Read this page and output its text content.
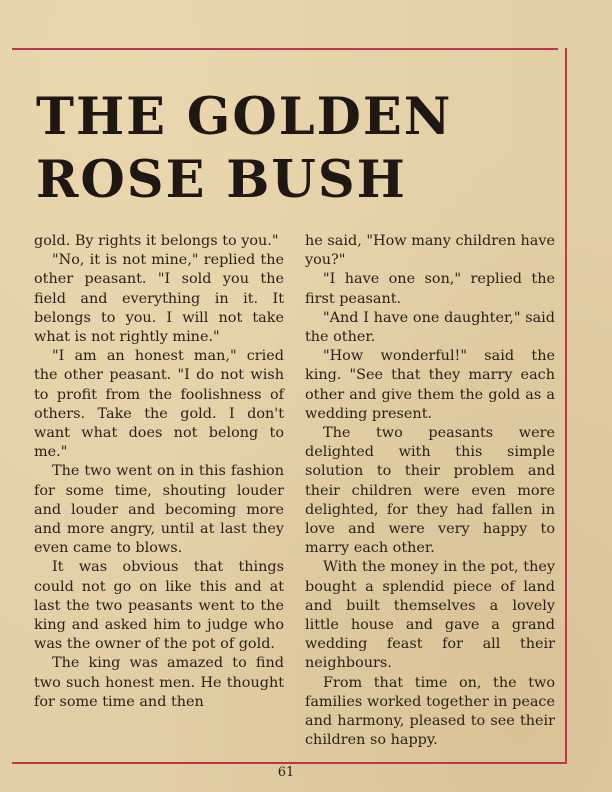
THE GOLDEN
ROSE BUSH

gold. By rights it belongs to you."

"No, it is not mine," replied the other peasant. "I sold you the field and everything in it. It belongs to you. I will not take what is not rightly mine."

"I am an honest man," cried the other peasant. "I do not wish to profit from the foolishness of others. Take the gold. I don't want what does not belong to me."

The two went on in this fashion for some time, shouting louder and louder and becoming more and more angry, until at last they even came to blows.

It was obvious that things could not go on like this and at last the two peasants went to the king and asked him to judge who was the owner of the pot of gold.

The king was amazed to find two such honest men. He thought for some time and then

he said, "How many children have you?"

"I have one son," replied the first peasant.

"And I have one daughter," said the other.

"How wonderful!" said the king. "See that they marry each other and give them the gold as a wedding present.

The two peasants were delighted with this simple solution to their problem and their children were even more delighted, for they had fallen in love and were very happy to marry each other.

With the money in the pot, they bought a splendid piece of land and built themselves a lovely little house and gave a grand wedding feast for all their neighbours.

From that time on, the two families worked together in peace and harmony, pleased to see their children so happy.

61
